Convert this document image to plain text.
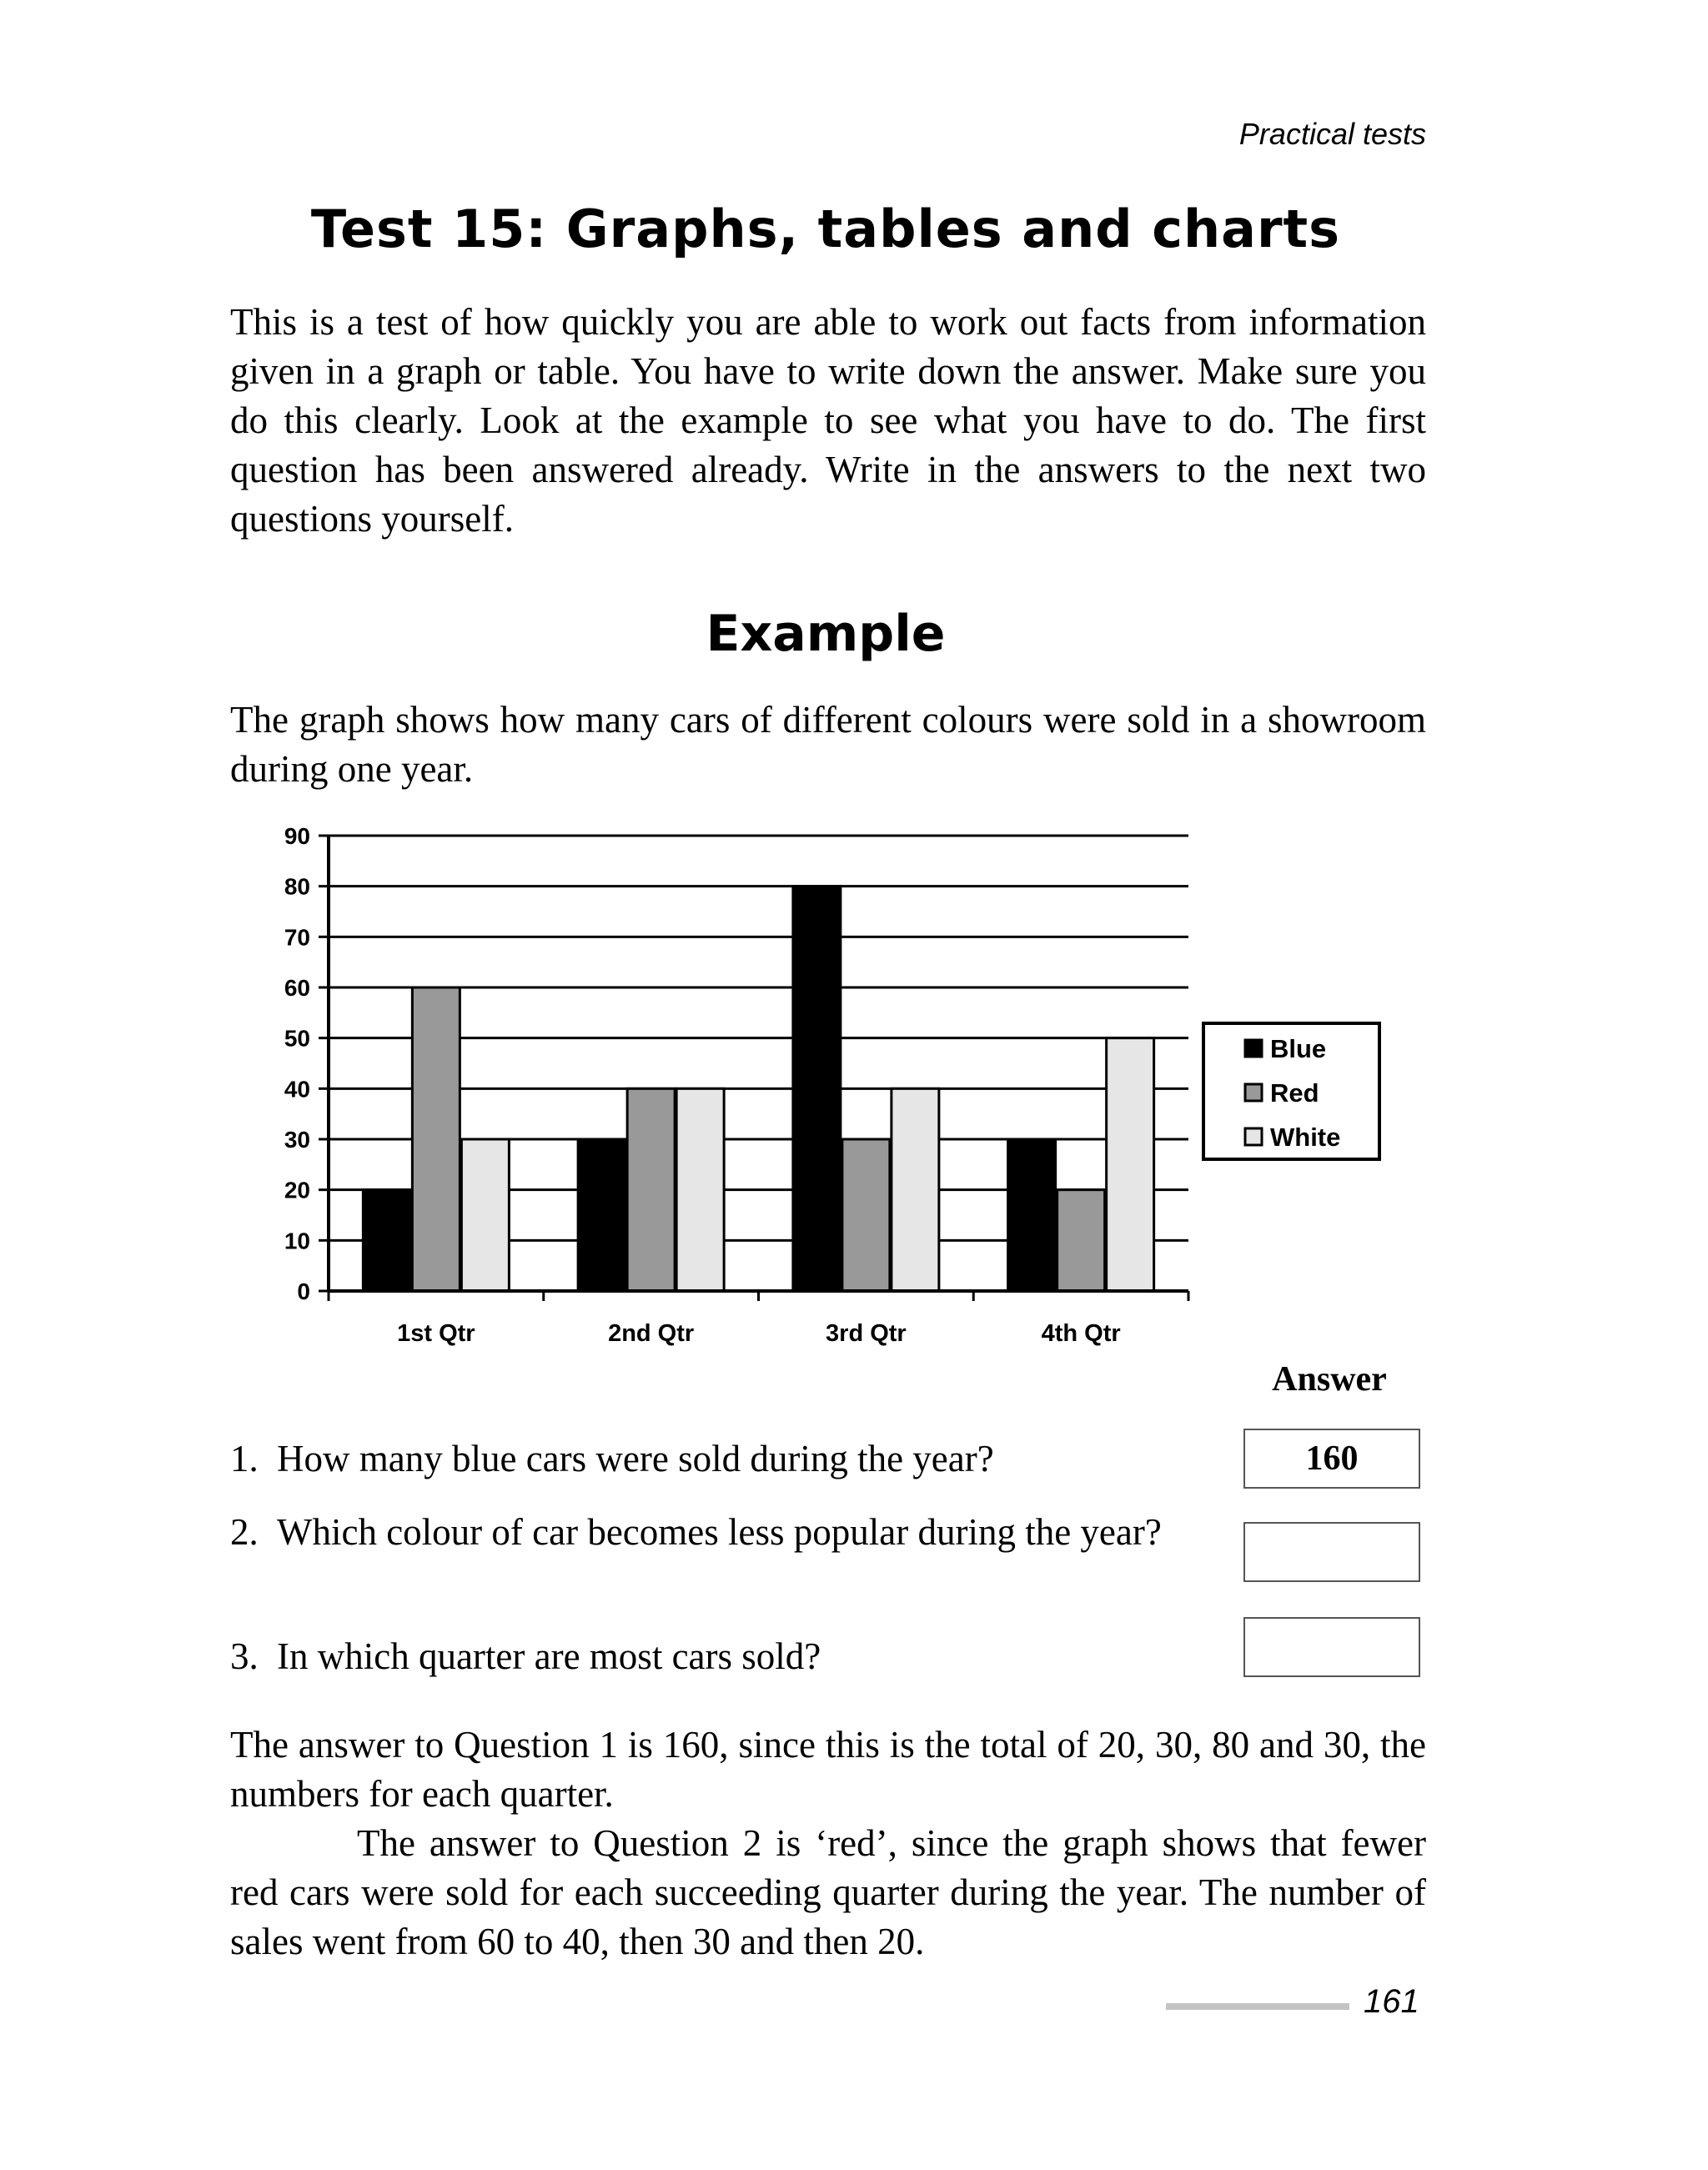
Practical tests
Test 15: Graphs, tables and charts

This is a test of how quickly you are able to work out facts from information given in a graph or table. You have to write down the answer. Make sure you do this clearly. Look at the example to see what you have to do. The first question has been answered already. Write in the answers to the next two questions yourself.

Example

The graph shows how many cars of different colours were sold in a showroom during one year.

0
10
20
30
40
50
60
70
80
90
1st Qtr	2nd Qtr	3rd Qtr	4th Qtr
Blue
Red
White
Answer
1. How many blue cars were sold during the year?	160
2. Which colour of car becomes less popular during the year?
3. In which quarter are most cars sold?

The answer to Question 1 is 160, since this is the total of 20, 30, 80 and 30, the numbers for each quarter.

The answer to Question 2 is ‘red’, since the graph shows that fewer red cars were sold for each succeeding quarter during the year. The number of sales went from 60 to 40, then 30 and then 20.

161
